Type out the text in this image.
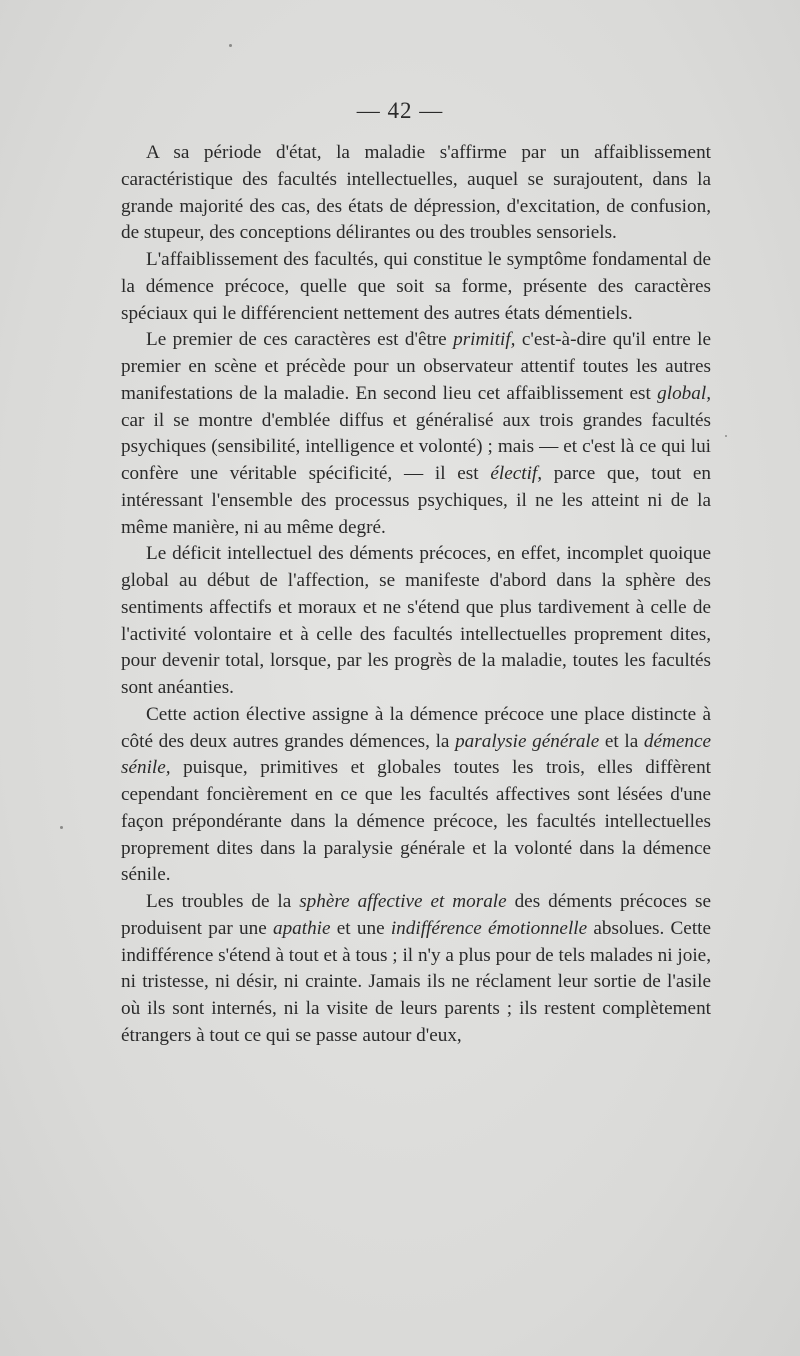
— 42 —

A sa période d'état, la maladie s'affirme par un affaiblissement caractéristique des facultés intellectuelles, auquel se surajoutent, dans la grande majorité des cas, des états de dépression, d'excitation, de confusion, de stupeur, des conceptions délirantes ou des troubles sensoriels.

L'affaiblissement des facultés, qui constitue le symptôme fondamental de la démence précoce, quelle que soit sa forme, présente des caractères spéciaux qui le différencient nettement des autres états démentiels.

Le premier de ces caractères est d'être primitif, c'est-à-dire qu'il entre le premier en scène et précède pour un observateur attentif toutes les autres manifestations de la maladie. En second lieu cet affaiblissement est global, car il se montre d'emblée diffus et généralisé aux trois grandes facultés psychiques (sensibilité, intelligence et volonté) ; mais — et c'est là ce qui lui confère une véritable spécificité, — il est électif, parce que, tout en intéressant l'ensemble des processus psychiques, il ne les atteint ni de la même manière, ni au même degré.

Le déficit intellectuel des déments précoces, en effet, incomplet quoique global au début de l'affection, se manifeste d'abord dans la sphère des sentiments affectifs et moraux et ne s'étend que plus tardivement à celle de l'activité volontaire et à celle des facultés intellectuelles proprement dites, pour devenir total, lorsque, par les progrès de la maladie, toutes les facultés sont anéanties.

Cette action élective assigne à la démence précoce une place distincte à côté des deux autres grandes démences, la paralysie générale et la démence sénile, puisque, primitives et globales toutes les trois, elles diffèrent cependant foncièrement en ce que les facultés affectives sont lésées d'une façon prépondérante dans la démence précoce, les facultés intellectuelles proprement dites dans la paralysie générale et la volonté dans la démence sénile.

Les troubles de la sphère affective et morale des déments précoces se produisent par une apathie et une indifférence émotionnelle absolues. Cette indifférence s'étend à tout et à tous ; il n'y a plus pour de tels malades ni joie, ni tristesse, ni désir, ni crainte. Jamais ils ne réclament leur sortie de l'asile où ils sont internés, ni la visite de leurs parents ; ils restent complètement étrangers à tout ce qui se passe autour d'eux,
